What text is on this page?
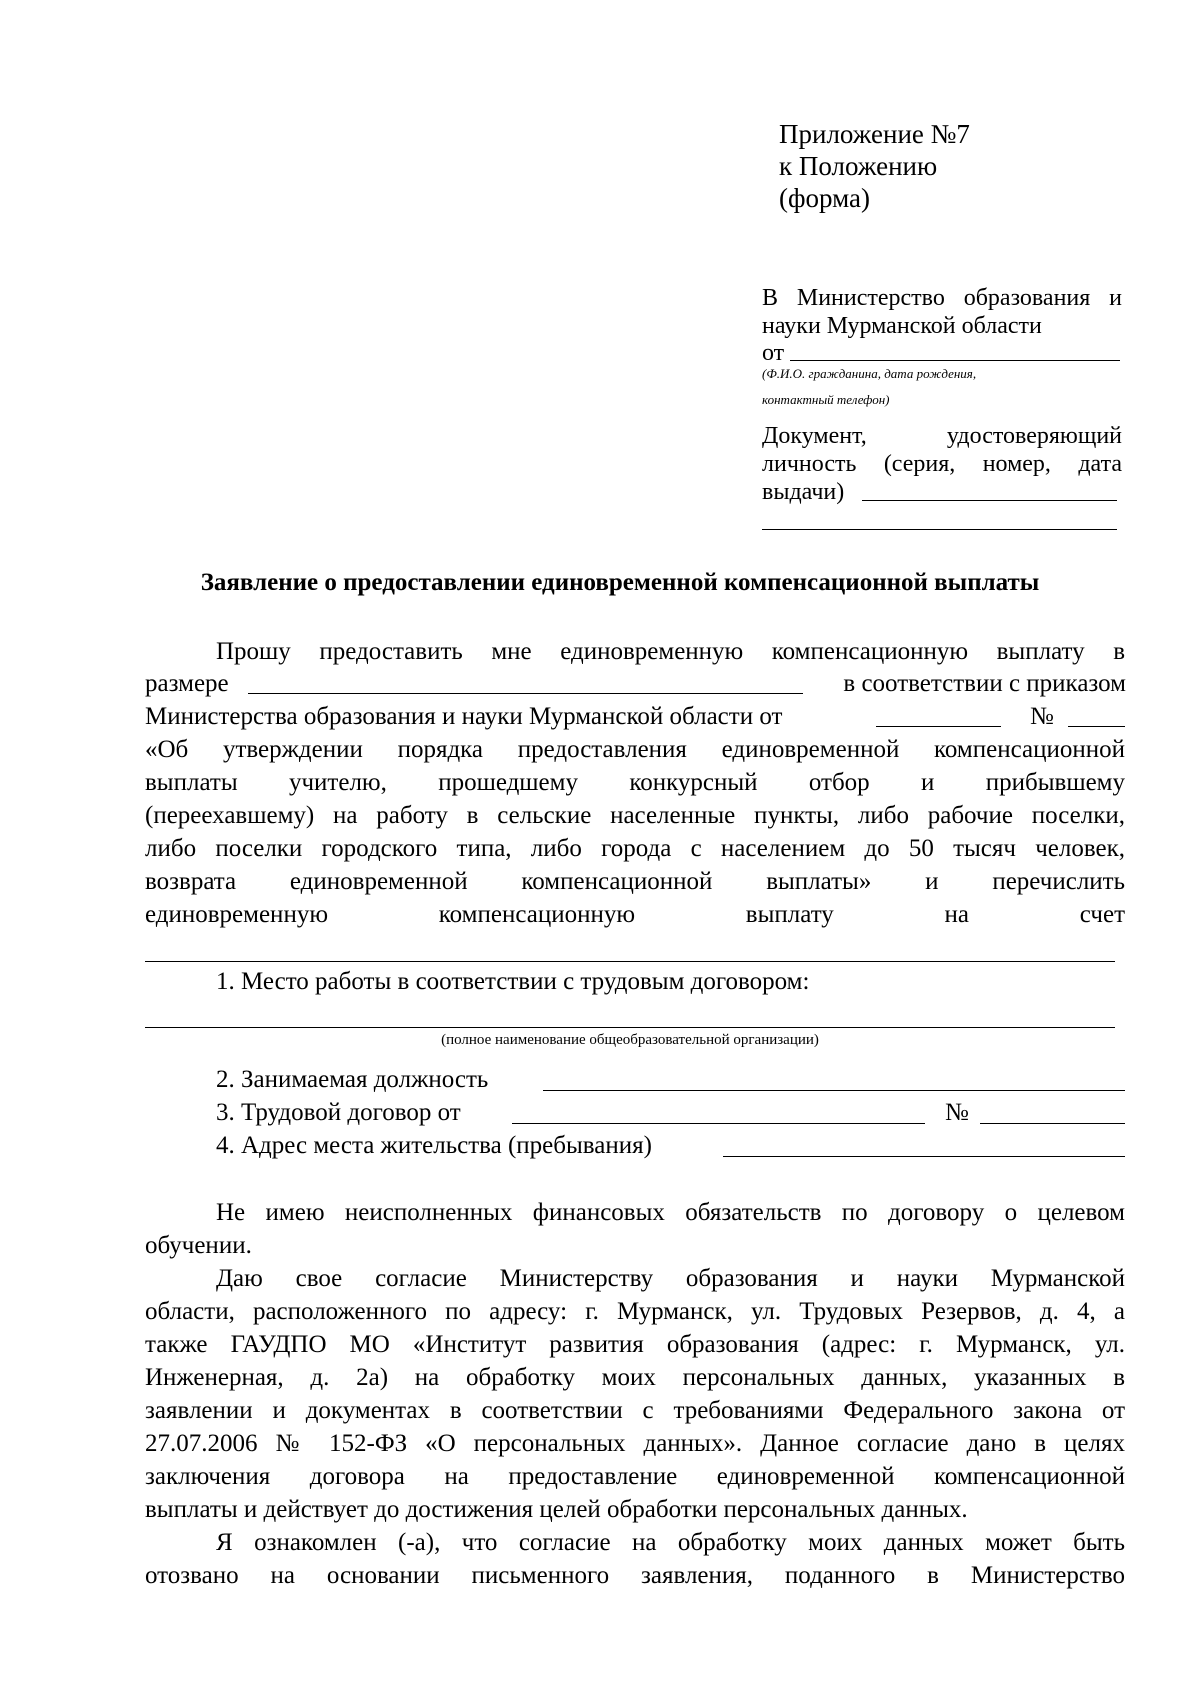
Приложение №7
к Положению
(форма)
В Министерство образования и
науки Мурманской области
от
(Ф.И.О. гражданина, дата рождения,
контактный телефон)
Документ, удостоверяющий
личность (серия, номер, дата
выдачи)
Заявление о предоставлении единовременной компенсационной выплаты
Прошу предоставить мне единовременную компенсационную выплату в
размере	в соответствии с приказом
Министерства образования и науки Мурманской области от	№
«Об утверждении порядка предоставления единовременной компенсационной
выплаты учителю, прошедшему конкурсный отбор и прибывшему
(переехавшему) на работу в сельские населенные пункты, либо рабочие поселки,
либо поселки городского типа, либо города с населением до 50 тысяч человек,
возврата единовременной компенсационной выплаты» и перечислить
единовременную компенсационную выплату на счет
1. Место работы в соответствии с трудовым договором:
(полное наименование общеобразовательной организации)
2. Занимаемая должность
3. Трудовой договор от	№
4. Адрес места жительства (пребывания)
Не имею неисполненных финансовых обязательств по договору о целевом
обучении.
Даю свое согласие Министерству образования и науки Мурманской
области, расположенного по адресу: г. Мурманск, ул. Трудовых Резервов, д. 4, а
также ГАУДПО МО «Институт развития образования (адрес: г. Мурманск, ул.
Инженерная, д. 2а) на обработку моих персональных данных, указанных в
заявлении и документах в соответствии с требованиями Федерального закона от
27.07.2006 № 152-ФЗ «О персональных данных». Данное согласие дано в целях
заключения договора на предоставление единовременной компенсационной
выплаты и действует до достижения целей обработки персональных данных.
Я ознакомлен (-а), что согласие на обработку моих данных может быть
отозвано на основании письменного заявления, поданного в Министерство
